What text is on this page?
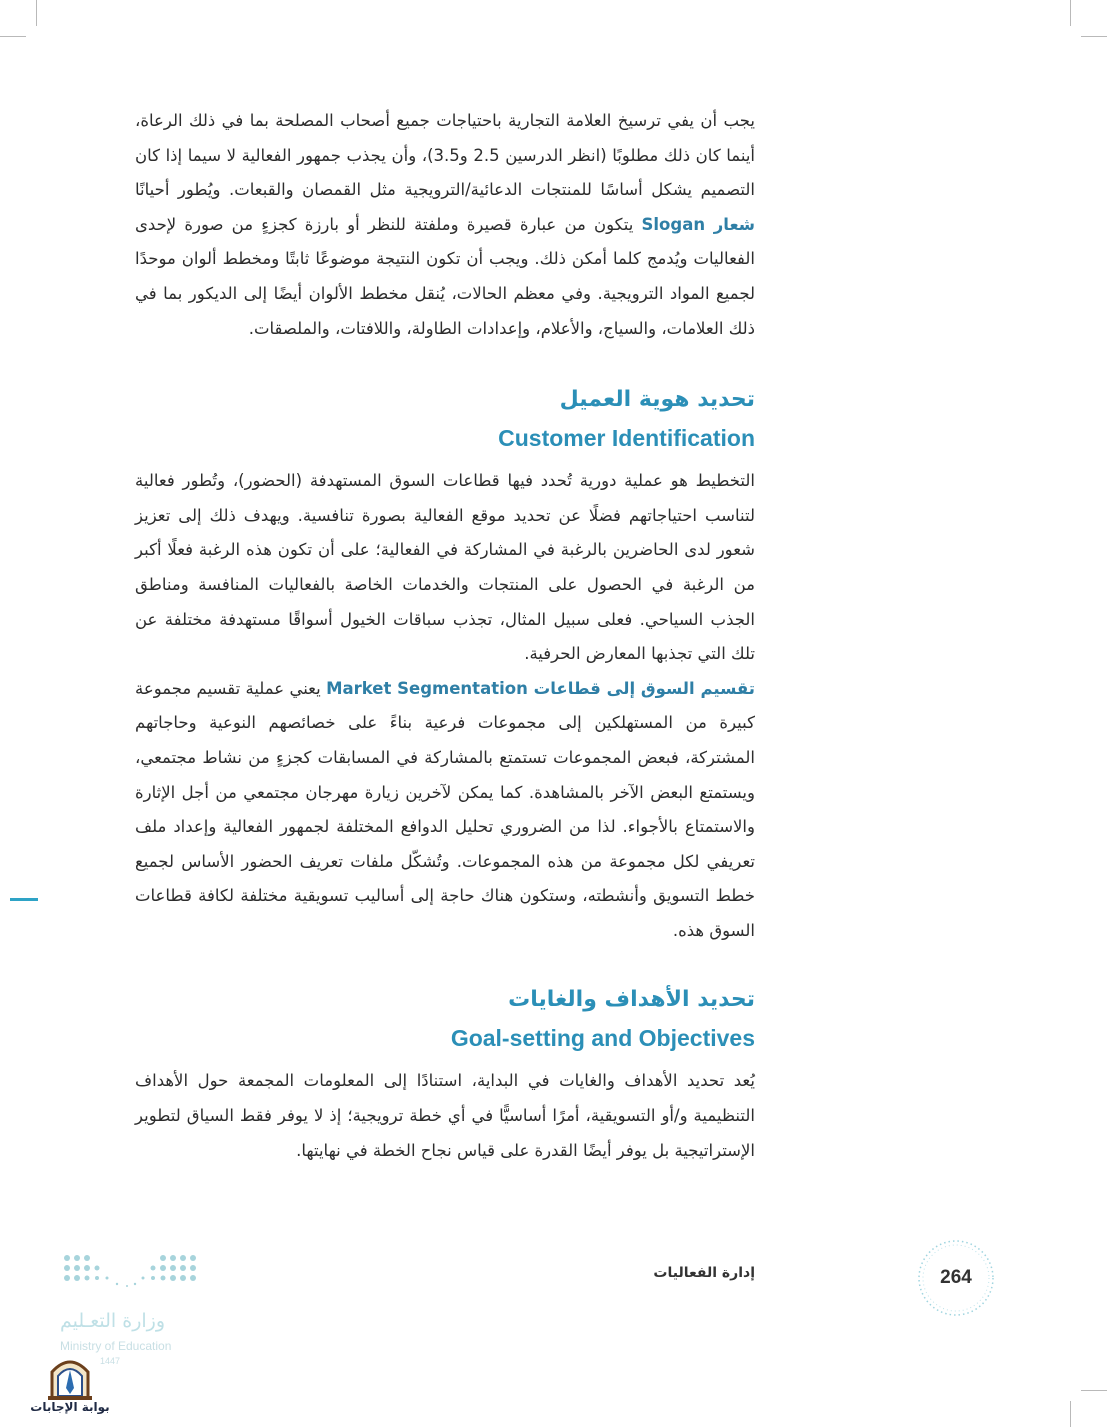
يجب أن يفي ترسيخ العلامة التجارية باحتياجات جميع أصحاب المصلحة بما في ذلك الرعاة، أينما كان ذلك مطلوبًا (انظر الدرسين 2.5 و3.5)، وأن يجذب جمهور الفعالية لا سيما إذا كان التصميم يشكل أساسًا للمنتجات الدعائية/الترويجية مثل القمصان والقبعات. ويُطور أحيانًا شعار Slogan يتكون من عبارة قصيرة وملفتة للنظر أو بارزة كجزءٍ من صورة لإحدى الفعاليات ويُدمج كلما أمكن ذلك. ويجب أن تكون النتيجة موضوعًا ثابتًا ومخطط ألوان موحدًا لجميع المواد الترويجية. وفي معظم الحالات، يُنقل مخطط الألوان أيضًا إلى الديكور بما في ذلك العلامات، والسياج، والأعلام، وإعدادات الطاولة، واللافتات، والملصقات.

تحديد هوية العميل
Customer Identification

التخطيط هو عملية دورية تُحدد فيها قطاعات السوق المستهدفة (الحضور)، وتُطور فعالية لتناسب احتياجاتهم فضلًا عن تحديد موقع الفعالية بصورة تنافسية. ويهدف ذلك إلى تعزيز شعور لدى الحاضرين بالرغبة في المشاركة في الفعالية؛ على أن تكون هذه الرغبة فعلًا أكبر من الرغبة في الحصول على المنتجات والخدمات الخاصة بالفعاليات المنافسة ومناطق الجذب السياحي. فعلى سبيل المثال، تجذب سباقات الخيول أسواقًا مستهدفة مختلفة عن تلك التي تجذبها المعارض الحرفية.

تقسيم السوق إلى قطاعات Market Segmentation يعني عملية تقسيم مجموعة كبيرة من المستهلكين إلى مجموعات فرعية بناءً على خصائصهم النوعية وحاجاتهم المشتركة، فبعض المجموعات تستمتع بالمشاركة في المسابقات كجزءٍ من نشاط مجتمعي، ويستمتع البعض الآخر بالمشاهدة. كما يمكن لآخرين زيارة مهرجان مجتمعي من أجل الإثارة والاستمتاع بالأجواء. لذا من الضروري تحليل الدوافع المختلفة لجمهور الفعالية وإعداد ملف تعريفي لكل مجموعة من هذه المجموعات. وتُشكّل ملفات تعريف الحضور الأساس لجميع خطط التسويق وأنشطته، وستكون هناك حاجة إلى أساليب تسويقية مختلفة لكافة قطاعات السوق هذه.

تحديد الأهداف والغايات
Goal-setting and Objectives

يُعد تحديد الأهداف والغايات في البداية، استنادًا إلى المعلومات المجمعة حول الأهداف التنظيمية و/أو التسويقية، أمرًا أساسيًّا في أي خطة ترويجية؛ إذ لا يوفر فقط السياق لتطوير الإستراتيجية بل يوفر أيضًا القدرة على قياس نجاح الخطة في نهايتها.

إدارة الفعاليات	264
وزارة التعـليم
Ministry of Education
1447
بوابة الإجابات
